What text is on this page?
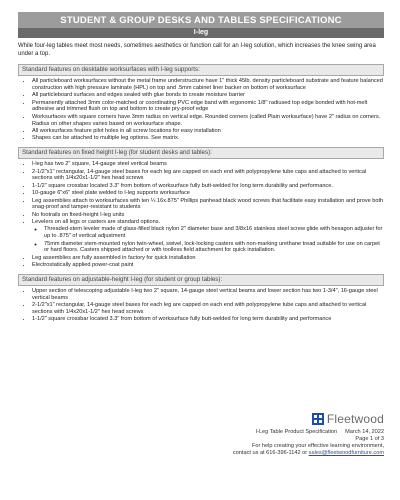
STUDENT & GROUP DESKS AND TABLES SPECIFICATIONC
I-leg
While four-leg tables meet most needs, sometimes aesthetics or function call for an I-leg solution, which increases the knee swing area under a top.
Standard features on desktable worksurfaces with I-leg supports:
• All particleboard worksurfaces without the metal frame understructure have 1" thick 45lb. density particleboard substrate and feature balanced construction with high pressure laminate (HPL) on top and .5mm cabinet liner backer on bottom of worksurface
• All particleboard surfaces and edges sealed with glue bonds to create moisture barrier
• Permanently attached 3mm color-matched or coordinating PVC edge band with ergonomic 1/8" radiused top edge bonded with hot-melt adhesive and trimmed flush on top and bottom to create pry-proof edge
• Worksurfaces with square corners have 3mm radius on vertical edge. Rounded corners (called Plain worksurface) have 2" radius on corners. Radius on other shapes varies based on worksurface shape.
• All worksurfaces feature pilot holes in all screw locations for easy installation
• Shapes can be attached to multiple leg options. See matrix.
Standard features on fixed height I-leg (for student desks and tables):
• I-leg has two 2" square, 14-gauge steel vertical beams
• 2-1/2"x1" rectangular, 14-gauge steel bases for each leg are capped on each end with polypropylene tube caps and attached to vertical sections with 1/4x20x1-1/2" hex head screws
• 1-1/2" square crossbar located 3.3" from bottom of worksurface fully butt-welded for long term durability and performance.
• 10-gauge 6"x6" steel plate welded to I-leg supports worksurface
• Leg assemblies attach to worksurfaces with ten ¼ 16x.875" Phillips panhead black wood screws that facilitate easy installation and prove both snag-proof and tamper-resistant to students
• No footrails on fixed-height I-leg units
• Levelers on all legs or casters are standard options.
◦ Threaded-stem leveler made of glass-filled black nylon 2" diameter base and 3/8x16 stainless steel screw glide with hexagon adjuster for up to .875" of vertical adjustment
◦ 75mm diameter stem-mounted nylon twin-wheel, swivel, lock-locking casters with non-marking urethane tread suitable for use on carpet or hard floors. Casters shipped attached or with toolless field attachment for quick installation.
• Leg assemblies are fully assembled in factory for quick installation
• Electrostatically applied power-coat paint
Standard features on adjustable-height I-leg (for student or group tables):
• Upper section of telescoping adjustable I-leg two 2" square, 14-gauge steel vertical beams and lower section has two 1-3/4", 16-gauge steel vertical beams
• 2-1/2"x1" rectangular, 14-gauge steel bases for each leg are capped on each end with polypropylene tube caps and attached to vertical sections with 1/4x20x1-1/2" hex head screws
• 1-1/2" square crossbar located 3.3" from bottom of worksurface fully butt-welded for long term durability and performance
Fleetwood
I-Leg Table Product Specification March 14, 2022
Page 1 of 3
For help creating your effective learning environment,
contact us at 616-396-1142 or sales@fleetwoodfurniture.com
